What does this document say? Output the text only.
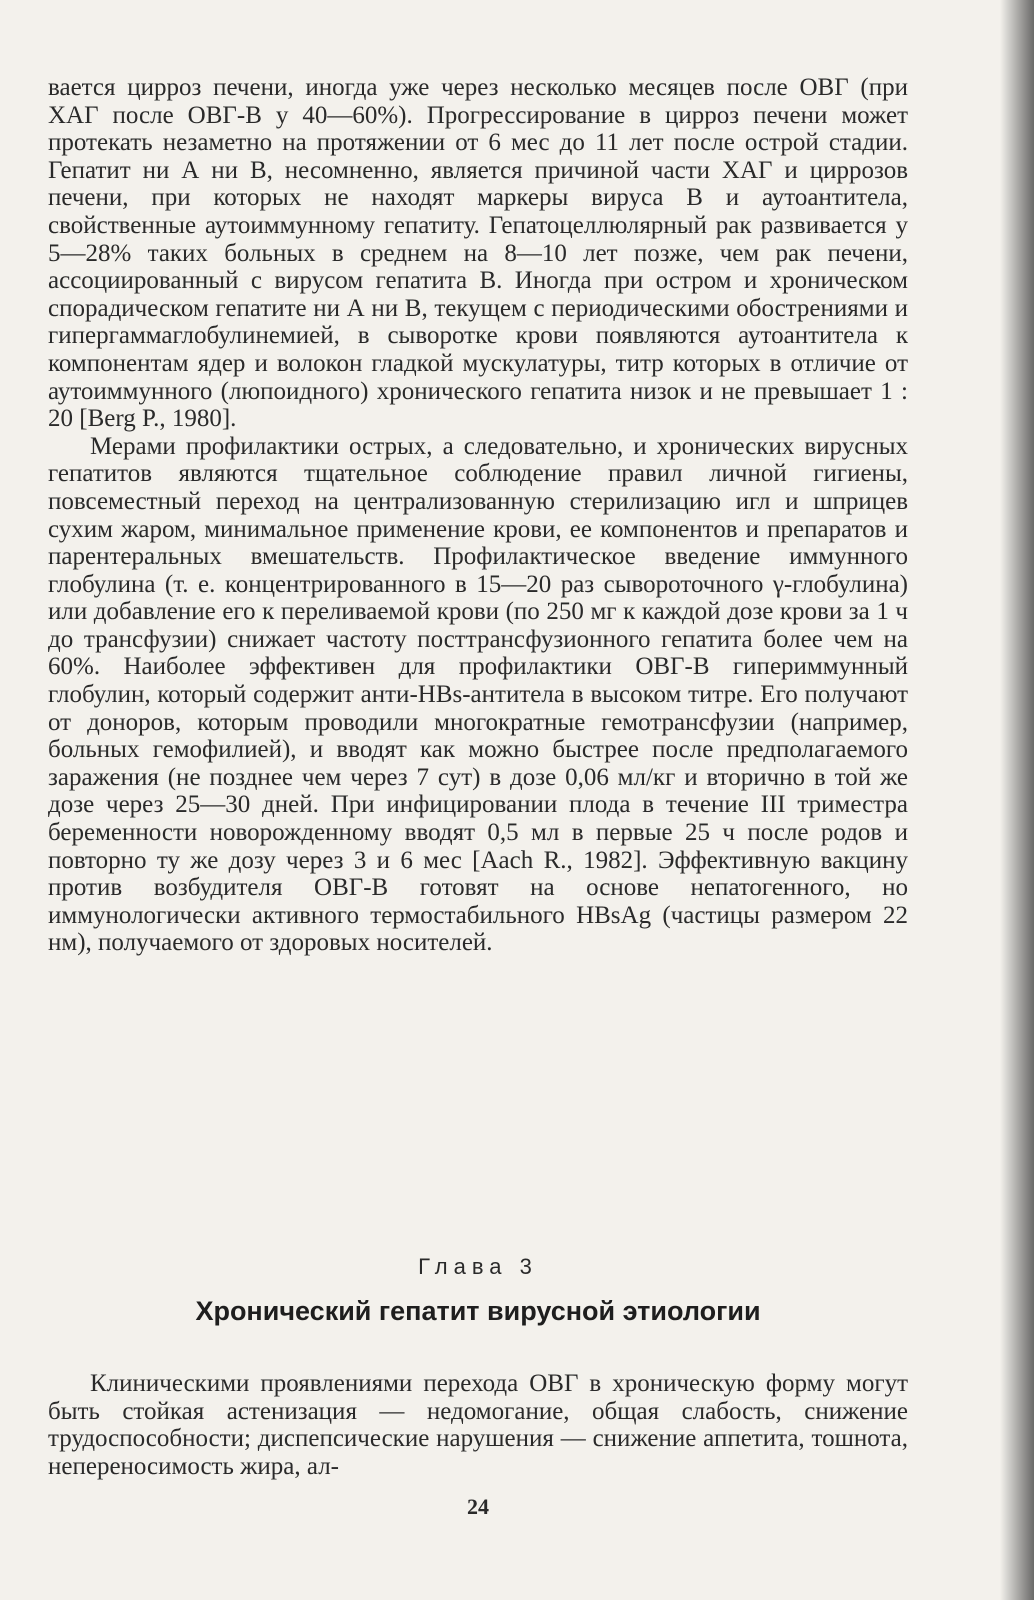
вается цирроз печени, иногда уже через несколько месяцев после ОВГ (при ХАГ после ОВГ-В у 40—60%). Прогрессирование в цирроз печени может протекать незаметно на протяжении от 6 мес до 11 лет после острой стадии. Гепатит ни А ни В, несомненно, является причиной части ХАГ и циррозов печени, при которых не находят маркеры вируса В и аутоантитела, свойственные аутоиммунному гепатиту. Гепатоцеллюлярный рак развивается у 5—28% таких больных в среднем на 8—10 лет позже, чем рак печени, ассоциированный с вирусом гепатита В. Иногда при остром и хроническом спорадическом гепатите ни А ни В, текущем с периодическими обострениями и гипергаммаглобулинемией, в сыворотке крови появляются аутоантитела к компонентам ядер и волокон гладкой мускулатуры, титр которых в отличие от аутоиммунного (люпоидного) хронического гепатита низок и не превышает 1 : 20 [Berg P., 1980].

Мерами профилактики острых, а следовательно, и хронических вирусных гепатитов являются тщательное соблюдение правил личной гигиены, повсеместный переход на централизованную стерилизацию игл и шприцев сухим жаром, минимальное применение крови, ее компонентов и препаратов и парентеральных вмешательств. Профилактическое введение иммунного глобулина (т. е. концентрированного в 15—20 раз сывороточного γ-глобулина) или добавление его к переливаемой крови (по 250 мг к каждой дозе крови за 1 ч до трансфузии) снижает частоту посттрансфузионного гепатита более чем на 60%. Наиболее эффективен для профилактики ОВГ-В гипериммунный глобулин, который содержит анти-HBs-антитела в высоком титре. Его получают от доноров, которым проводили многократные гемотрансфузии (например, больных гемофилией), и вводят как можно быстрее после предполагаемого заражения (не позднее чем через 7 сут) в дозе 0,06 мл/кг и вторично в той же дозе через 25—30 дней. При инфицировании плода в течение III триместра беременности новорожденному вводят 0,5 мл в первые 25 ч после родов и повторно ту же дозу через 3 и 6 мес [Aach R., 1982]. Эффективную вакцину против возбудителя ОВГ-В готовят на основе непатогенного, но иммунологически активного термостабильного HBsAg (частицы размером 22 нм), получаемого от здоровых носителей.

Глава 3

Хронический гепатит вирусной этиологии

Клиническими проявлениями перехода ОВГ в хроническую форму могут быть стойкая астенизация — недомогание, общая слабость, снижение трудоспособности; диспепсические нарушения — снижение аппетита, тошнота, непереносимость жира, ал-

24
